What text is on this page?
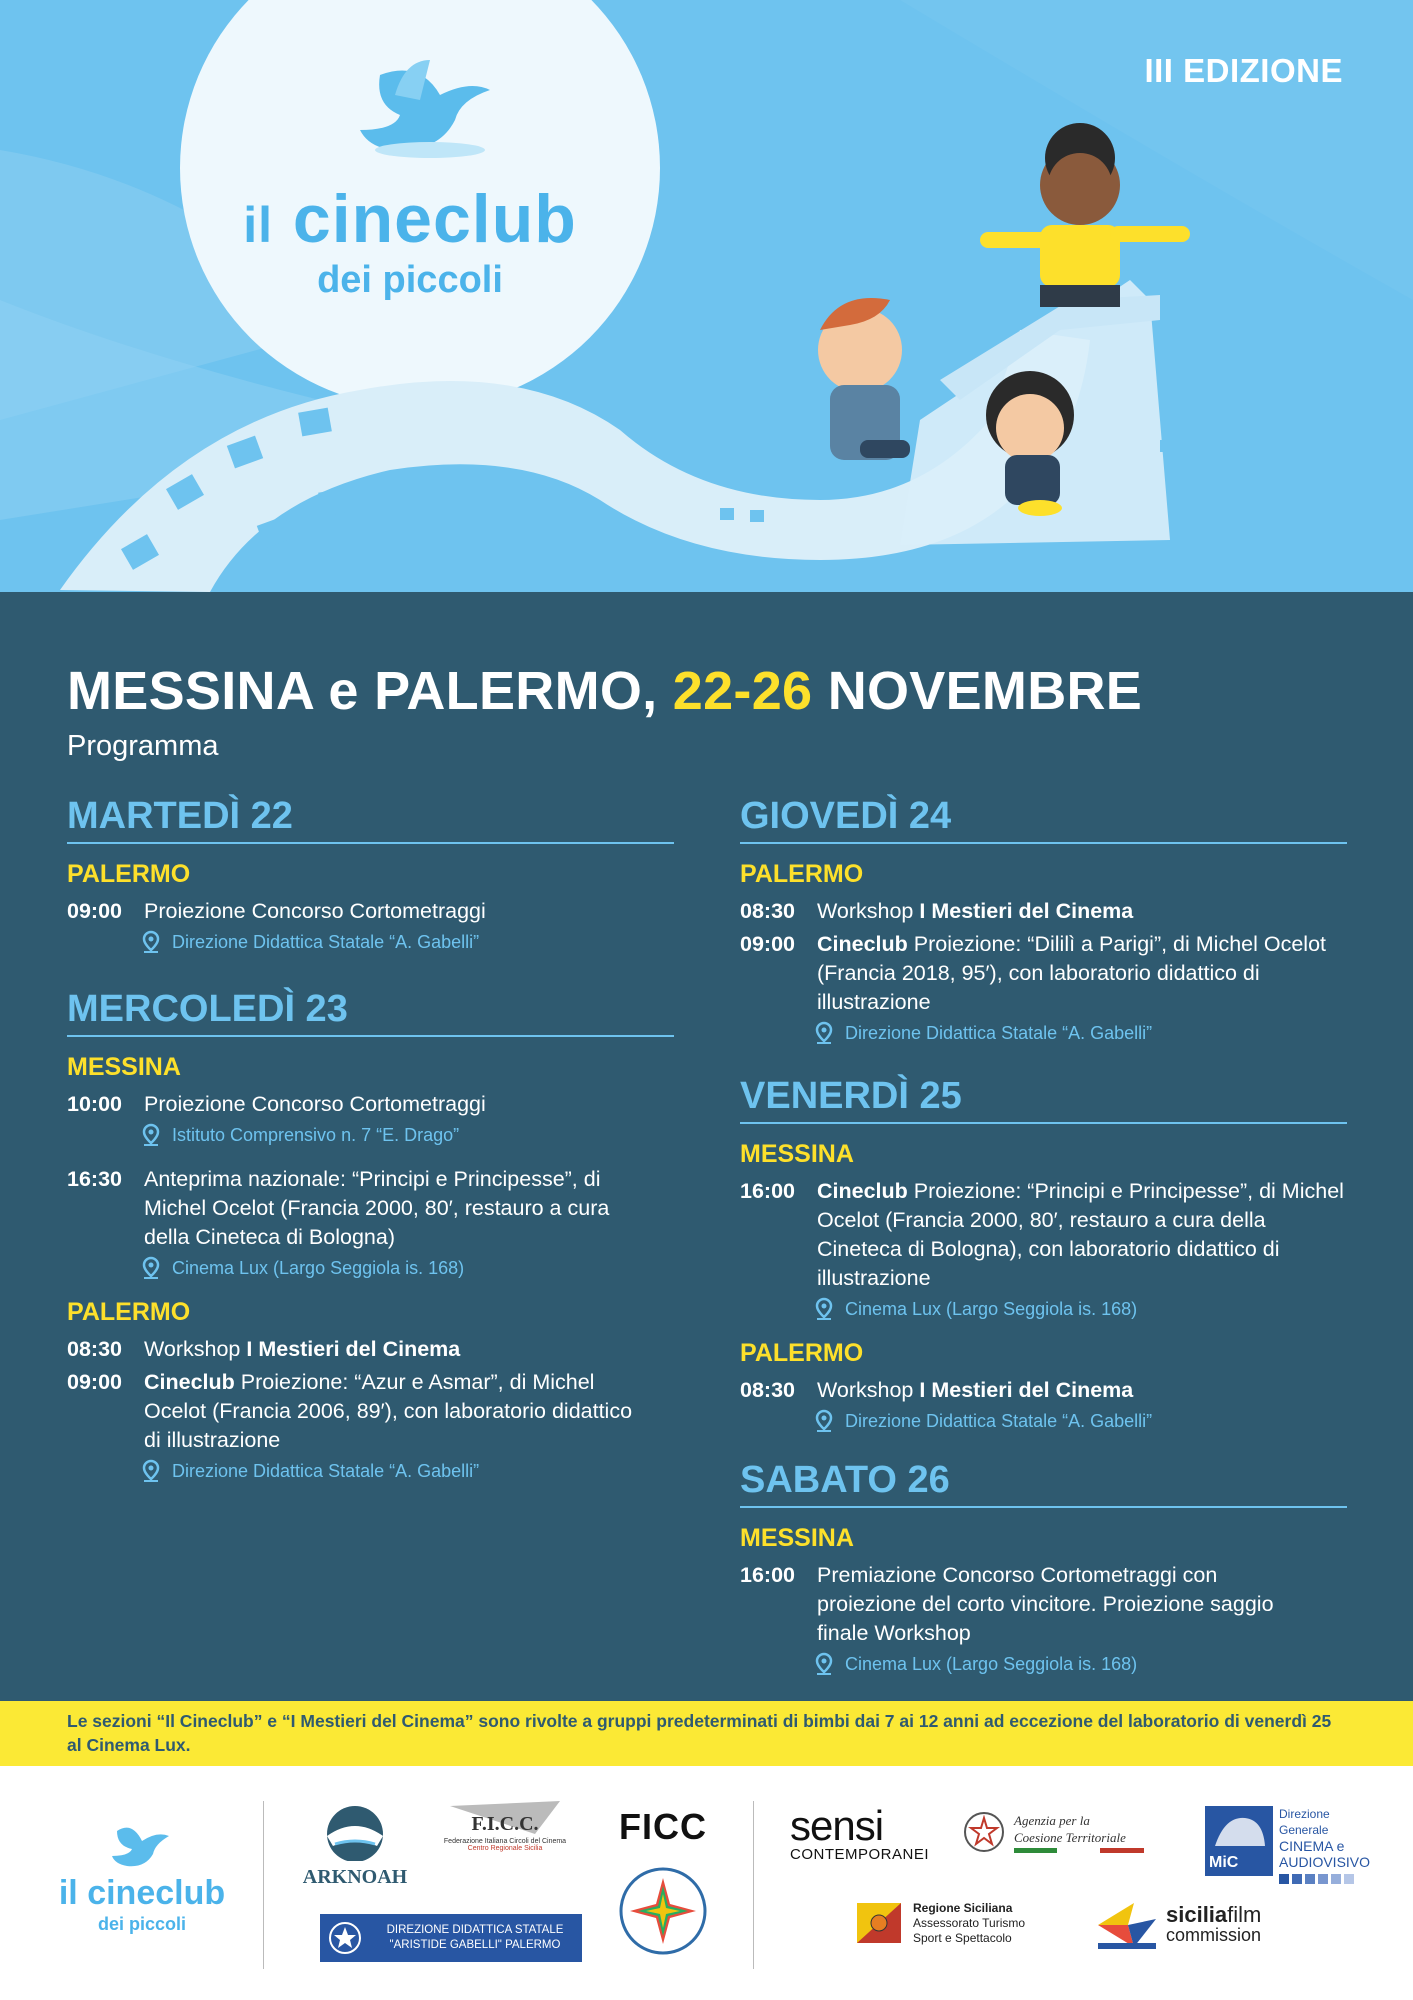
III EDIZIONE
il cineclub
dei piccoli
MESSINA e PALERMO, 22-26 NOVEMBRE
Programma
MARTEDÌ 22
PALERMO
09:00	Proiezione Concorso Cortometraggi
Direzione Didattica Statale “A. Gabelli”
MERCOLEDÌ 23
MESSINA
10:00	Proiezione Concorso Cortometraggi
Istituto Comprensivo n. 7 “E. Drago”
16:30	Anteprima nazionale: “Principi e Principesse”, di Michel Ocelot (Francia 2000, 80′, restauro a cura della Cineteca di Bologna)
Cinema Lux (Largo Seggiola is. 168)
PALERMO
08:30	Workshop I Mestieri del Cinema
09:00	Cineclub Proiezione: “Azur e Asmar”, di Michel Ocelot (Francia 2006, 89′), con laboratorio didattico di illustrazione
Direzione Didattica Statale “A. Gabelli”
GIOVEDÌ 24
PALERMO
08:30	Workshop I Mestieri del Cinema
09:00	Cineclub Proiezione: “Dililì a Parigi”, di Michel Ocelot (Francia 2018, 95′), con laboratorio didattico di illustrazione
Direzione Didattica Statale “A. Gabelli”
VENERDÌ 25
MESSINA
16:00	Cineclub Proiezione: “Principi e Principesse”, di Michel Ocelot (Francia 2000, 80′, restauro a cura della Cineteca di Bologna), con laboratorio didattico di illustrazione
Cinema Lux (Largo Seggiola is. 168)
PALERMO
08:30	Workshop I Mestieri del Cinema
Direzione Didattica Statale “A. Gabelli”
SABATO 26
MESSINA
16:00	Premiazione Concorso Cortometraggi con proiezione del corto vincitore. Proiezione saggio finale Workshop
Cinema Lux (Largo Seggiola is. 168)
Le sezioni “Il Cineclub” e “I Mestieri del Cinema” sono rivolte a gruppi predeterminati di bimbi dai 7 ai 12 anni ad eccezione del laboratorio di venerdì 25 al Cinema Lux.
il cineclub
dei piccoli
ARKNOAH
F.I.C.C.
Federazione Italiana Circoli del Cinema
Centro Regionale Sicilia
FICC
DIREZIONE DIDATTICA STATALE
"ARISTIDE GABELLI" PALERMO
sensi
CONTEMPORANEI
Agenzia per la
Coesione Territoriale
MiC
Direzione Generale
CINEMA e
AUDIOVISIVO
Regione Siciliana
Assessorato Turismo
Sport e Spettacolo
siciliafilm
commission
